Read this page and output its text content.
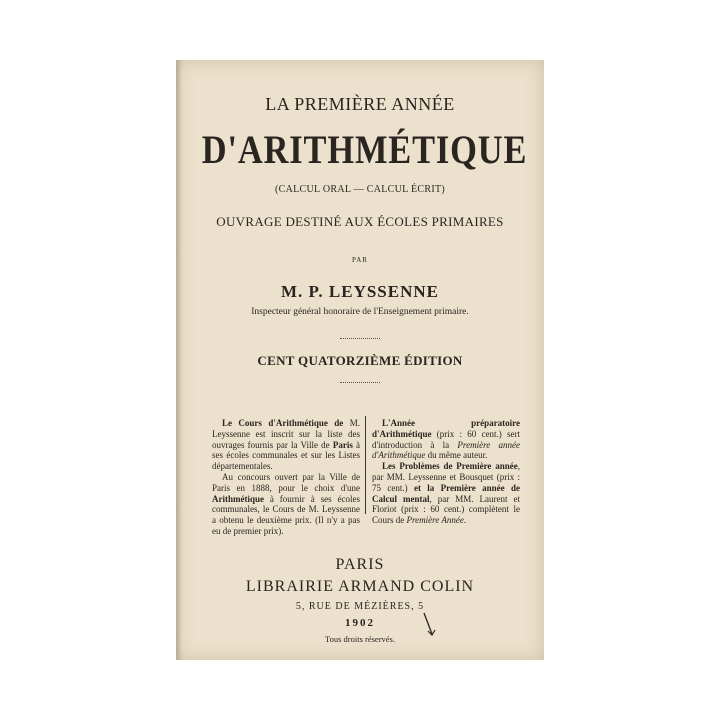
LA PREMIÈRE ANNÉE
D'ARITHMÉTIQUE
(CALCUL ORAL — CALCUL ÉCRIT)
OUVRAGE DESTINÉ AUX ÉCOLES PRIMAIRES
PAR
M. P. LEYSSENNE
Inspecteur général honoraire de l'Enseignement primaire.
CENT QUATORZIÈME ÉDITION

Le Cours d'Arithmétique de M. Leyssenne est inscrit sur la liste des ouvrages fournis par la Ville de Paris à ses écoles communales et sur les Listes départementales.

Au concours ouvert par la Ville de Paris en 1888, pour le choix d'une Arithmétique à fournir à ses écoles communales, le Cours de M. Leyssenne a obtenu le deuxième prix. (Il n'y a pas eu de premier prix).

L'Année préparatoire d'Arithmétique (prix : 60 cent.) sert d'introduction à la Première année d'Arithmétique du même auteur.

Les Problèmes de Première année, par MM. Leyssenne et Bousquet (prix : 75 cent.) et la Première année de Calcul mental, par MM. Laurent et Floriot (prix : 60 cent.) complètent le Cours de Première Année.

PARIS
LIBRAIRIE ARMAND COLIN
5, RUE DE MÉZIÈRES, 5
1902
Tous droits réservés.
